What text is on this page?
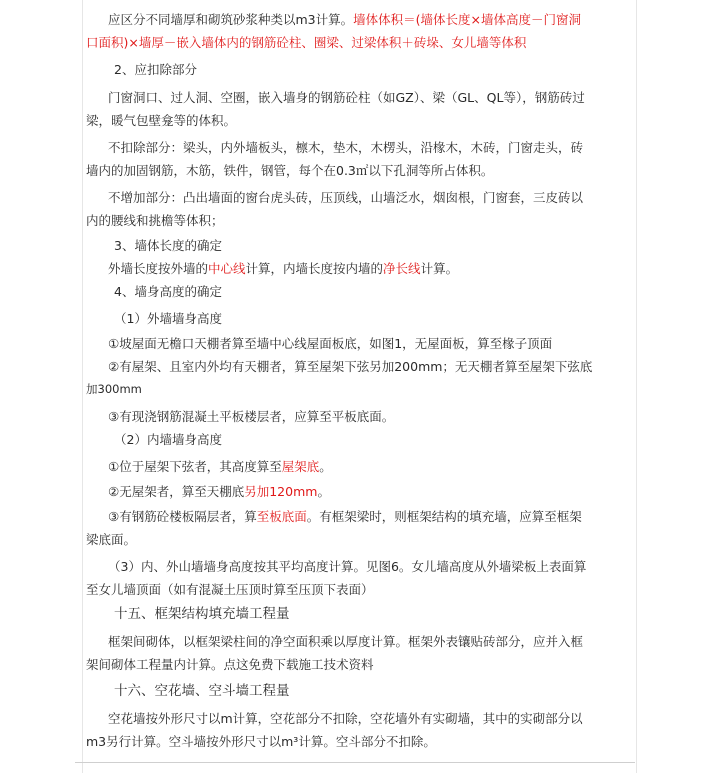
应区分不同墙厚和砌筑砂浆种类以m3计算。墙体体积＝(墙体长度×墙体高度－门窗洞

口面积)×墙厚－嵌入墙体内的钢筋砼柱、圈梁、过梁体积＋砖垛、女儿墙等体积

2、应扣除部分

门窗洞口、过人洞、空圈，嵌入墙身的钢筋砼柱（如GZ）、梁（GL、QL等），钢筋砖过

梁，暖气包壁龛等的体积。

不扣除部分：梁头，内外墙板头，檩木，垫木，木楞头，沿椽木，木砖，门窗走头，砖

墙内的加固钢筋，木筋，铁件，钢管，每个在0.3㎡以下孔洞等所占体积。

不增加部分：凸出墙面的窗台虎头砖，压顶线，山墙泛水，烟囱根，门窗套，三皮砖以

内的腰线和挑檐等体积；

3、墙体长度的确定

外墙长度按外墙的中心线计算，内墙长度按内墙的净长线计算。

4、墙身高度的确定

（1）外墙墙身高度

①坡屋面无檐口天棚者算至墙中心线屋面板底，如图1，无屋面板，算至椽子顶面

②有屋架、且室内外均有天棚者，算至屋架下弦另加200mm；无天棚者算至屋架下弦底

加300mm

③有现浇钢筋混凝土平板楼层者，应算至平板底面。

（2）内墙墙身高度

①位于屋架下弦者，其高度算至屋架底。

②无屋架者，算至天棚底另加120mm。

③有钢筋砼楼板隔层者，算至板底面。有框架梁时，则框架结构的填充墙，应算至框架

梁底面。

（3）内、外山墙墙身高度按其平均高度计算。见图6。女儿墙高度从外墙梁板上表面算

至女儿墙顶面（如有混凝土压顶时算至压顶下表面）

十五、框架结构填充墙工程量

框架间砌体，以框架梁柱间的净空面积乘以厚度计算。框架外表镶贴砖部分，应并入框

架间砌体工程量内计算。点这免费下载施工技术资料

十六、空花墙、空斗墙工程量

空花墙按外形尺寸以m计算，空花部分不扣除，空花墙外有实砌墙，其中的实砌部分以

m3另行计算。空斗墙按外形尺寸以m³计算。空斗部分不扣除。
